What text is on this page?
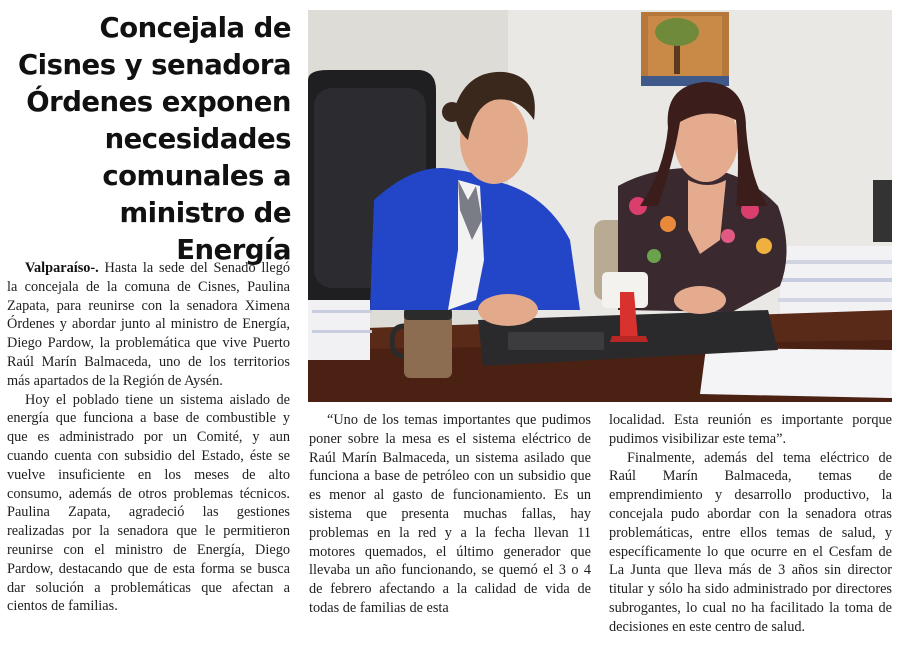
Concejala de
Cisnes y senadora
Órdenes exponen
necesidades
comunales a
ministro de Energía

Valparaíso-. Hasta la sede del Senado llegó la concejala de la comuna de Cisnes, Paulina Zapata, para reunirse con la senadora Ximena Órdenes y abordar junto al ministro de Energía, Diego Pardow, la problemática que vive Puerto Raúl Marín Balmaceda, uno de los territorios más apartados de la Región de Aysén.

Hoy el poblado tiene un sistema aislado de energía que funciona a base de combustible y que es administrado por un Comité, y aun cuando cuenta con subsidio del Estado, éste se vuelve insuficiente en los meses de alto consumo, además de otros problemas técnicos. Paulina Zapata, agradeció las gestiones realizadas por la senadora que le permitieron reunirse con el ministro de Energía, Diego Pardow, destacando que de esta forma se busca dar solución a problemáticas que afectan a cientos de familias.

“Uno de los temas importantes que pudimos poner sobre la mesa es el sistema eléctrico de Raúl Marín Balmaceda, un sistema asilado que funciona a base de petróleo con un subsidio que es menor al gasto de funcionamiento. Es un sistema que presenta muchas fallas, hay problemas en la red y a la fecha llevan 11 motores quemados, el último generador que llevaba un año funcionando, se quemó el 3 o 4 de febrero afectando a la calidad de vida de todas de familias de esta

localidad. Esta reunión es importante porque pudimos visibilizar este tema”.

Finalmente, además del tema eléctrico de Raúl Marín Balmaceda, temas de emprendimiento y desarrollo productivo, la concejala pudo abordar con la senadora otras problemáticas, entre ellos temas de salud, y específicamente lo que ocurre en el Cesfam de La Junta que lleva más de 3 años sin director titular y sólo ha sido administrado por directores subrogantes, lo cual no ha facilitado la toma de decisiones en este centro de salud.
